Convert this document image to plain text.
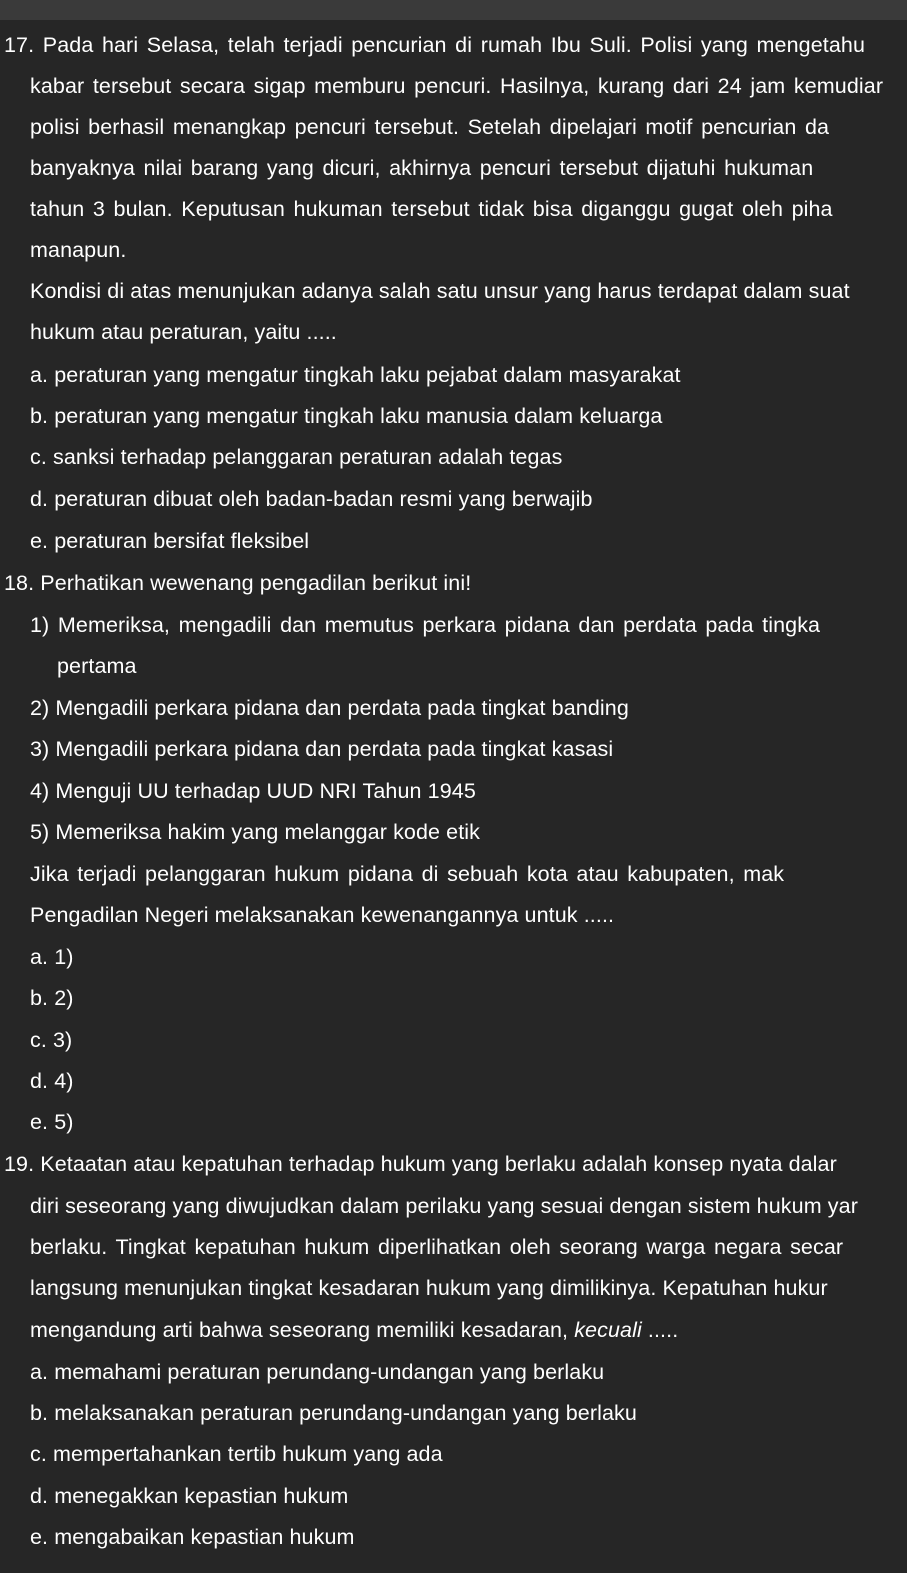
17. Pada hari Selasa, telah terjadi pencurian di rumah Ibu Suli. Polisi yang mengetahu
kabar tersebut secara sigap memburu pencuri. Hasilnya, kurang dari 24 jam kemudiar
polisi berhasil menangkap pencuri tersebut. Setelah dipelajari motif pencurian da
banyaknya nilai barang yang dicuri, akhirnya pencuri tersebut dijatuhi hukuman
tahun 3 bulan. Keputusan hukuman tersebut tidak bisa diganggu gugat oleh piha
manapun.
Kondisi di atas menunjukan adanya salah satu unsur yang harus terdapat dalam suat
hukum atau peraturan, yaitu .....
a. peraturan yang mengatur tingkah laku pejabat dalam masyarakat
b. peraturan yang mengatur tingkah laku manusia dalam keluarga
c. sanksi terhadap pelanggaran peraturan adalah tegas
d. peraturan dibuat oleh badan-badan resmi yang berwajib
e. peraturan bersifat fleksibel
18. Perhatikan wewenang pengadilan berikut ini!
1) Memeriksa, mengadili dan memutus perkara pidana dan perdata pada tingka
pertama
2) Mengadili perkara pidana dan perdata pada tingkat banding
3) Mengadili perkara pidana dan perdata pada tingkat kasasi
4) Menguji UU terhadap UUD NRI Tahun 1945
5) Memeriksa hakim yang melanggar kode etik
Jika terjadi pelanggaran hukum pidana di sebuah kota atau kabupaten, mak
Pengadilan Negeri melaksanakan kewenangannya untuk .....
a. 1)
b. 2)
c. 3)
d. 4)
e. 5)
19. Ketaatan atau kepatuhan terhadap hukum yang berlaku adalah konsep nyata dalar
diri seseorang yang diwujudkan dalam perilaku yang sesuai dengan sistem hukum yar
berlaku. Tingkat kepatuhan hukum diperlihatkan oleh seorang warga negara secar
langsung menunjukan tingkat kesadaran hukum yang dimilikinya. Kepatuhan hukur
mengandung arti bahwa seseorang memiliki kesadaran, kecuali .....
a. memahami peraturan perundang-undangan yang berlaku
b. melaksanakan peraturan perundang-undangan yang berlaku
c. mempertahankan tertib hukum yang ada
d. menegakkan kepastian hukum
e. mengabaikan kepastian hukum
